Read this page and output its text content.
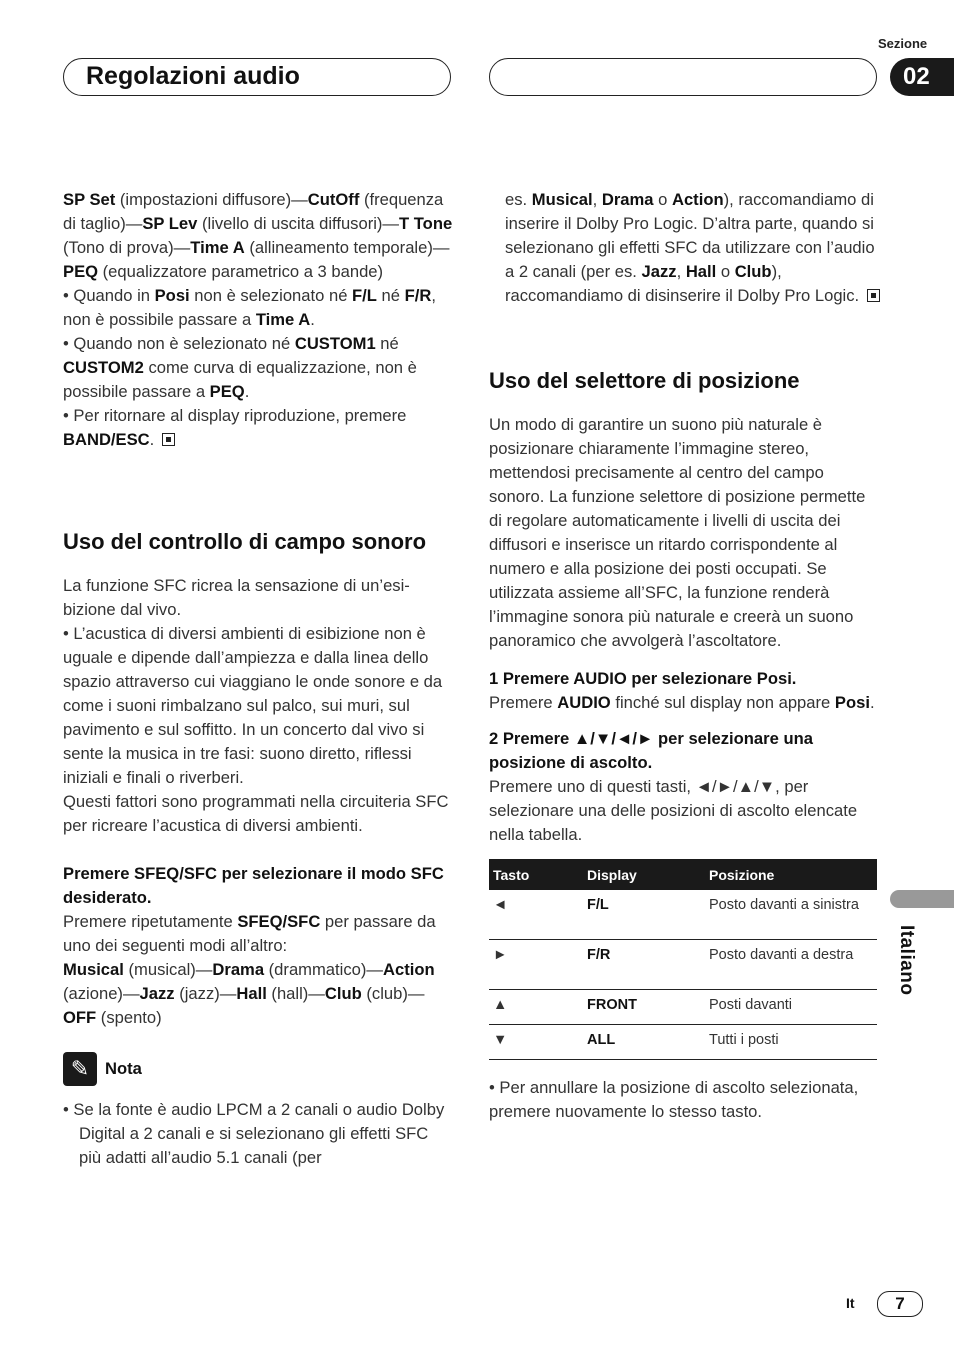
Regolazioni audio
Sezione
02

SP Set (impostazioni diffusore)—CutOff (frequenza di taglio)—SP Lev (livello di uscita diffusori)—T Tone (Tono di prova)—Time A (allineamento temporale)—PEQ (equalizzatore parametrico a 3 bande)

• Quando in Posi non è selezionato né F/L né F/R, non è possibile passare a Time A.

• Quando non è selezionato né CUSTOM1 né CUSTOM2 come curva di equalizzazione, non è possibile passare a PEQ.

• Per ritornare al display riproduzione, premere BAND/ESC.

Uso del controllo di campo sonoro

La funzione SFC ricrea la sensazione di un’esibizione dal vivo.

• L’acustica di diversi ambienti di esibizione non è uguale e dipende dall’ampiezza e dalla linea dello spazio attraverso cui viaggiano le onde sonore e da come i suoni rimbalzano sul palco, sui muri, sul pavimento e sul soffitto. In un concerto dal vivo si sente la musica in tre fasi: suono diretto, riflessi iniziali e finali o riverberi.

Questi fattori sono programmati nella circuiteria SFC per ricreare l’acustica di diversi ambienti.

Premere SFEQ/SFC per selezionare il modo SFC desiderato.

Premere ripetutamente SFEQ/SFC per passare da uno dei seguenti modi all’altro:

Musical (musical)—Drama (drammatico)—Action (azione)—Jazz (jazz)—Hall (hall)—Club (club)—OFF (spento)

✎ Nota

• Se la fonte è audio LPCM a 2 canali o audio Dolby Digital a 2 canali e si selezionano gli effetti SFC più adatti all’audio 5.1 canali (per

es. Musical, Drama o Action), raccomandiamo di inserire il Dolby Pro Logic. D’altra parte, quando si selezionano gli effetti SFC da utilizzare con l’audio a 2 canali (per es. Jazz, Hall o Club), raccomandiamo di disinserire il Dolby Pro Logic.

Uso del selettore di posizione

Un modo di garantire un suono più naturale è posizionare chiaramente l’immagine stereo, mettendosi precisamente al centro del campo sonoro. La funzione selettore di posizione permette di regolare automaticamente i livelli di uscita dei diffusori e inserisce un ritardo corrispondente al numero e alla posizione dei posti occupati. Se utilizzata assieme all’SFC, la funzione renderà l’immagine sonora più naturale e creerà un suono panoramico che avvolgerà l’ascoltatore.

1 Premere AUDIO per selezionare Posi.

Premere AUDIO finché sul display non appare Posi.

2 Premere ▲/▼/◄/► per selezionare una posizione di ascolto.

Premere uno di questi tasti, ◄/►/▲/▼, per selezionare una delle posizioni di ascolto elencate nella tabella.

Tasto	Display	Posizione
◄	F/L	Posto davanti a sinistra
►	F/R	Posto davanti a destra
▲	FRONT	Posti davanti
▼	ALL	Tutti i posti

• Per annullare la posizione di ascolto selezionata, premere nuovamente lo stesso tasto.

Italiano
It	7
